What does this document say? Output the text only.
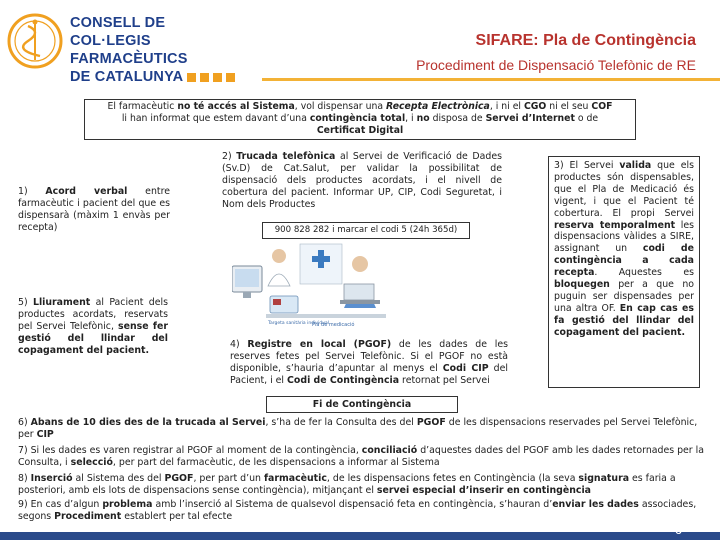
CONSELL DE
COL·LEGIS FARMACÈUTICS
DE CATALUNYA
SIFARE: Pla de Contingència
Procediment de Dispensació Telefònic de RE
El farmacèutic no té accés al Sistema, vol dispensar una Recepta Electrònica, i ni el CGO ni el seu COF
li han informat que estem davant d’una contingència total, i no disposa de Servei d’Internet o de
Certificat Digital
1) Acord verbal entre farmacèutic i pacient del que es dispensarà (màxim 1 envàs per recepta)
5) Lliurament al Pacient dels productes acordats, reservats pel Servei Telefònic, sense fer gestió del llindar del copagament del pacient.
2) Trucada telefònica al Servei de Verificació de Dades (Sv.D) de Cat.Salut, per validar la possibilitat de dispensació dels productes acordats, i el nivell de cobertura del pacient. Informar UP, CIP, Codi Seguretat, i Nom dels Productes
900 828 282 i marcar el codi 5 (24h 365d)
Targeta sanitària individual
Pla de medicació
4) Registre en local (PGOF) de les dades de les reserves fetes pel Servei Telefònic. Si el PGOF no està disponible, s’hauria d’apuntar al menys el Codi CIP del Pacient, i el Codi de Contingència retornat pel Servei
3) El Servei valida que els productes són dispensables, que el Pla de Medicació és vigent, i que el Pacient té cobertura. El propi Servei reserva temporalment les dispensacions vàlides a SIRE, assignant un codi de contingència a cada recepta. Aquestes es bloquegen per a que no puguin ser dispensades per una altra OF. En cap cas es fa gestió del llindar del copagament del pacient.
Fi de Contingència
6) Abans de 10 dies des de la trucada al Servei, s’ha de fer la Consulta des del PGOF de les dispensacions reservades pel Servei Telefònic, per CIP
7) Si les dades es varen registrar al PGOF al moment de la contingència, conciliació d’aquestes dades del PGOF amb les dades retornades per la Consulta, i selecció, per part del farmacèutic, de les dispensacions a informar al Sistema
8) Inserció al Sistema des del PGOF, per part d’un farmacèutic, de les dispensacions fetes en Contingència (la seva signatura es faria a posteriori, amb els lots de dispensacions sense contingència), mitjançant el servei especial d’inserir en contingència
9) En cas d’algun problema amb l’inserció al Sistema de qualsevol dispensació feta en contingència, s’hauran d’enviar les dades associades, segons Procediment establert per tal efecte
6
